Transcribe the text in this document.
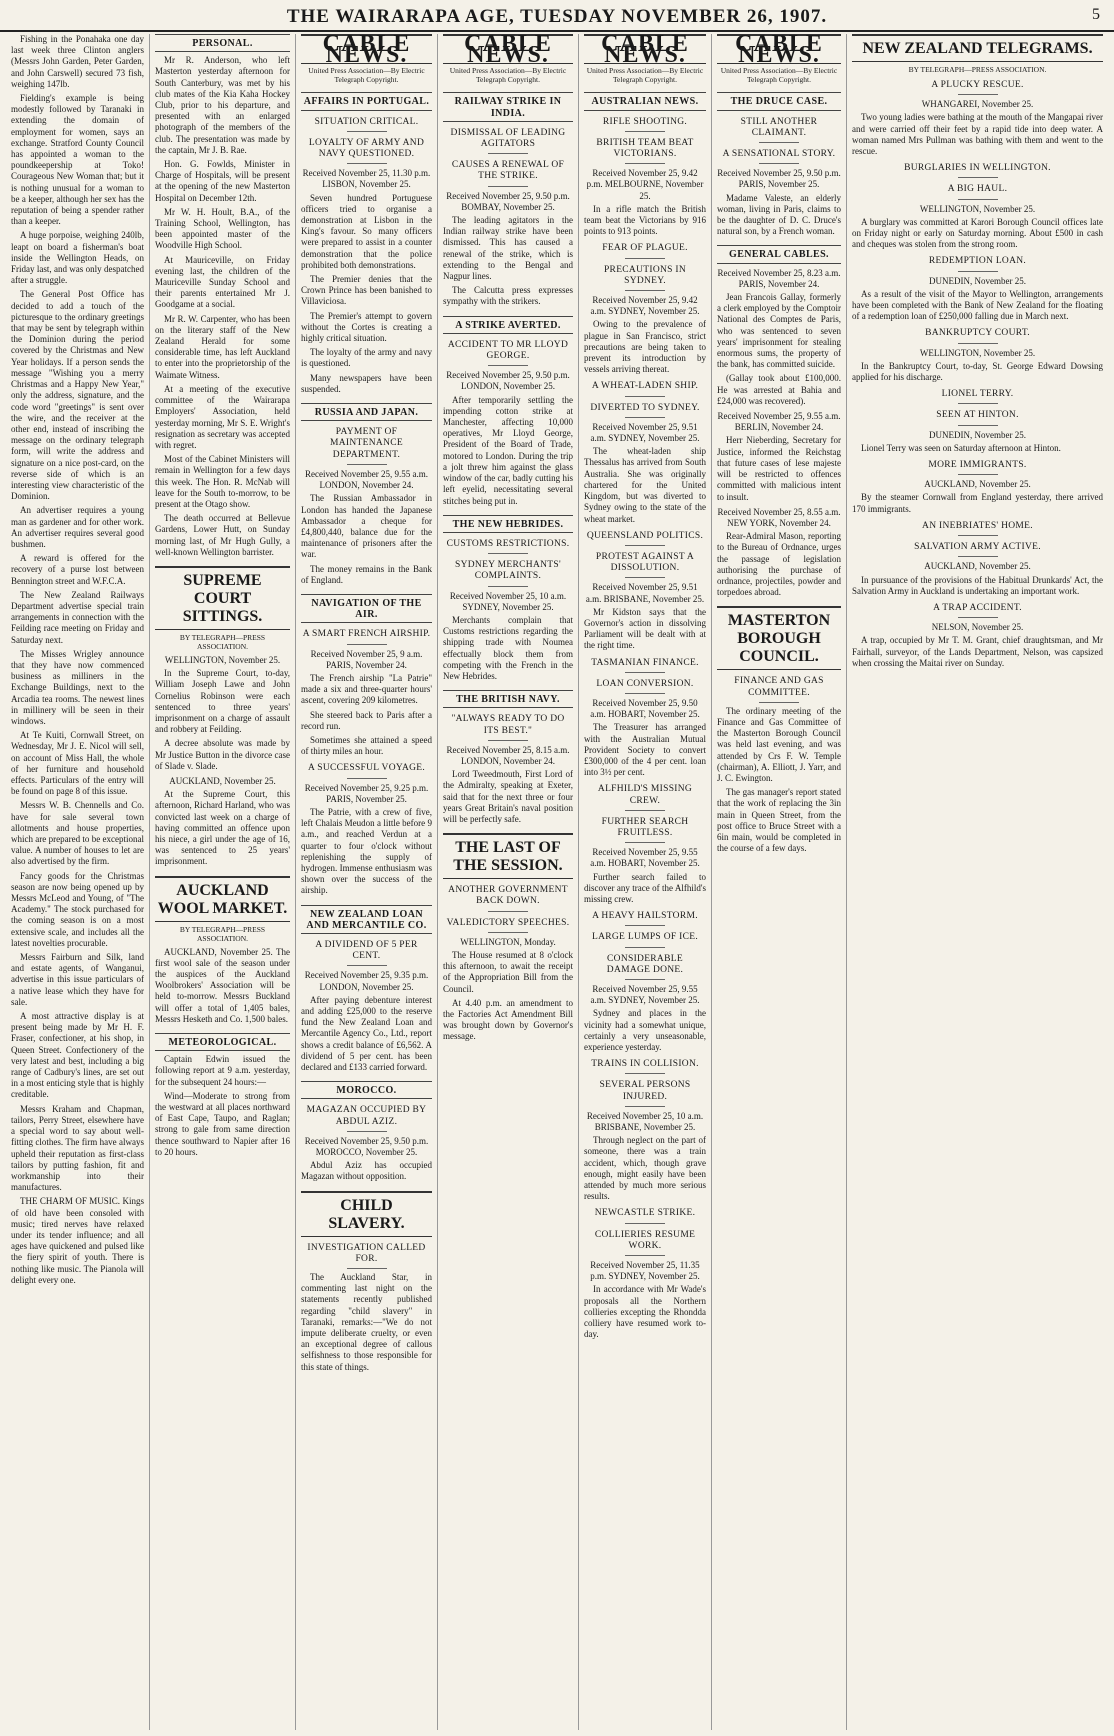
THE WAIRARAPA AGE, TUESDAY NOVEMBER 26, 1907.	5

Fishing in the Ponahaka one day last week three Clinton anglers (Messrs John Garden, Peter Garden, and John Carswell) secured 73 fish, weighing 147lb.

Fielding's example is being modestly followed by Taranaki in extending the domain of employment for women, says an exchange. Stratford County Council has appointed a woman to the poundkeepership at Toko! Courageous New Woman that; but it is nothing unusual for a woman to be a keeper, although her sex has the reputation of being a spender rather than a keeper.

A huge porpoise, weighing 240lb, leapt on board a fisherman's boat inside the Wellington Heads, on Friday last, and was only despatched after a struggle.

The General Post Office has decided to add a touch of the picturesque to the ordinary greetings that may be sent by telegraph within the Dominion during the period covered by the Christmas and New Year holidays. If a person sends the message "Wishing you a merry Christmas and a Happy New Year," only the address, signature, and the code word "greetings" is sent over the wire, and the receiver at the other end, instead of inscribing the message on the ordinary telegraph form, will write the address and signature on a nice post-card, on the reverse side of which is an interesting view characteristic of the Dominion.

An advertiser requires a young man as gardener and for other work. An advertiser requires several good bushmen.

A reward is offered for the recovery of a purse lost between Bennington street and W.F.C.A.

The New Zealand Railways Department advertise special train arrangements in connection with the Feilding race meeting on Friday and Saturday next.

The Misses Wrigley announce that they have now commenced business as milliners in the Exchange Buildings, next to the Arcadia tea rooms. The newest lines in millinery will be seen in their windows.

At Te Kuiti, Cornwall Street, on Wednesday, Mr J. E. Nicol will sell, on account of Miss Hall, the whole of her furniture and household effects. Particulars of the entry will be found on page 8 of this issue.

Messrs W. B. Chennells and Co. have for sale several town allotments and house properties, which are prepared to be exceptional value. A number of houses to let are also advertised by the firm.

Fancy goods for the Christmas season are now being opened up by Messrs McLeod and Young, of "The Academy." The stock purchased for the coming season is on a most extensive scale, and includes all the latest novelties procurable.

Messrs Fairburn and Silk, land and estate agents, of Wanganui, advertise in this issue particulars of a native lease which they have for sale.

A most attractive display is at present being made by Mr H. F. Fraser, confectioner, at his shop, in Queen Street. Confectionery of the very latest and best, including a big range of Cadbury's lines, are set out in a most enticing style that is highly creditable.

Messrs Kraham and Chapman, tailors, Perry Street, elsewhere have a special word to say about well-fitting clothes. The firm have always upheld their reputation as first-class tailors by putting fashion, fit and workmanship into their manufactures.

THE CHARM OF MUSIC. Kings of old have been consoled with music; tired nerves have relaxed under its tender influence; and all ages have quickened and pulsed like the fiery spirit of youth. There is nothing like music. The Pianola will delight every one.

PERSONAL.

Mr R. Anderson, who left Masterton yesterday afternoon for South Canterbury, was met by his club mates of the Kia Kaha Hockey Club, prior to his departure, and presented with an enlarged photograph of the members of the club. The presentation was made by the captain, Mr J. B. Rae.

Hon. G. Fowlds, Minister in Charge of Hospitals, will be present at the opening of the new Masterton Hospital on December 12th.

Mr W. H. Hoult, B.A., of the Training School, Wellington, has been appointed master of the Woodville High School.

At Mauriceville, on Friday evening last, the children of the Mauriceville Sunday School and their parents entertained Mr J. Goodgame at a social.

Mr R. W. Carpenter, who has been on the literary staff of the New Zealand Herald for some considerable time, has left Auckland to enter into the proprietorship of the Waimate Witness.

At a meeting of the executive committee of the Wairarapa Employers' Association, held yesterday morning, Mr S. E. Wright's resignation as secretary was accepted with regret.

Most of the Cabinet Ministers will remain in Wellington for a few days this week. The Hon. R. McNab will leave for the South to-morrow, to be present at the Otago show.

The death occurred at Bellevue Gardens, Lower Hutt, on Sunday morning last, of Mr Hugh Gully, a well-known Wellington barrister.

SUPREME COURT SITTINGS.
BY TELEGRAPH—PRESS ASSOCIATION.
WELLINGTON, November 25.

In the Supreme Court, to-day, William Joseph Lawe and John Cornelius Robinson were each sentenced to three years' imprisonment on a charge of assault and robbery at Feilding.

A decree absolute was made by Mr Justice Button in the divorce case of Slade v. Slade.

AUCKLAND, November 25.

At the Supreme Court, this afternoon, Richard Harland, who was convicted last week on a charge of having committed an offence upon his niece, a girl under the age of 16, was sentenced to 25 years' imprisonment.

AUCKLAND WOOL MARKET.
BY TELEGRAPH—PRESS ASSOCIATION.

AUCKLAND, November 25. The first wool sale of the season under the auspices of the Auckland Woolbrokers' Association will be held to-morrow. Messrs Buckland will offer a total of 1,405 bales, Messrs Hesketh and Co. 1,500 bales.

METEOROLOGICAL.

Captain Edwin issued the following report at 9 a.m. yesterday, for the subsequent 24 hours:—

Wind—Moderate to strong from the westward at all places northward of East Cape, Taupo, and Raglan; strong to gale from same direction thence southward to Napier after 16 to 20 hours.

CABLE NEWS.
United Press Association—By Electric Telegraph Copyright.
AFFAIRS IN PORTUGAL.
SITUATION CRITICAL.
LOYALTY OF ARMY AND NAVY QUESTIONED.
Received November 25, 11.30 p.m. LISBON, November 25.

Seven hundred Portuguese officers tried to organise a demonstration at Lisbon in the King's favour. So many officers were prepared to assist in a counter demonstration that the police prohibited both demonstrations.

The Premier denies that the Crown Prince has been banished to Villaviciosa.

The Premier's attempt to govern without the Cortes is creating a highly critical situation.

The loyalty of the army and navy is questioned.

Many newspapers have been suspended.

RUSSIA AND JAPAN.
PAYMENT OF MAINTENANCE DEPARTMENT.
Received November 25, 9.55 a.m. LONDON, November 24.

The Russian Ambassador in London has handed the Japanese Ambassador a cheque for £4,800,440, balance due for the maintenance of prisoners after the war.

The money remains in the Bank of England.

NAVIGATION OF THE AIR.
A SMART FRENCH AIRSHIP.
Received November 25, 9 a.m. PARIS, November 24.

The French airship "La Patrie" made a six and three-quarter hours' ascent, covering 209 kilometres.

She steered back to Paris after a record run.

Sometimes she attained a speed of thirty miles an hour.

A SUCCESSFUL VOYAGE.
Received November 25, 9.25 p.m. PARIS, November 25.

The Patrie, with a crew of five, left Chalais Meudon a little before 9 a.m., and reached Verdun at a quarter to four o'clock without replenishing the supply of hydrogen. Immense enthusiasm was shown over the success of the airship.

NEW ZEALAND LOAN AND MERCANTILE CO.
A DIVIDEND OF 5 PER CENT.
Received November 25, 9.35 p.m. LONDON, November 25.

After paying debenture interest and adding £25,000 to the reserve fund the New Zealand Loan and Mercantile Agency Co., Ltd., report shows a credit balance of £6,562. A dividend of 5 per cent. has been declared and £133 carried forward.

MOROCCO.
MAGAZAN OCCUPIED BY ABDUL AZIZ.
Received November 25, 9.50 p.m. MOROCCO, November 25.

Abdul Aziz has occupied Magazan without opposition.

CHILD SLAVERY.
INVESTIGATION CALLED FOR.

The Auckland Star, in commenting last night on the statements recently published regarding "child slavery" in Taranaki, remarks:—"We do not impute deliberate cruelty, or even an exceptional degree of callous selfishness to those responsible for this state of things.

CABLE NEWS.
United Press Association—By Electric Telegraph Copyright.
RAILWAY STRIKE IN INDIA.
DISMISSAL OF LEADING AGITATORS
CAUSES A RENEWAL OF THE STRIKE.
Received November 25, 9.50 p.m. BOMBAY, November 25.

The leading agitators in the Indian railway strike have been dismissed. This has caused a renewal of the strike, which is extending to the Bengal and Nagpur lines.

The Calcutta press expresses sympathy with the strikers.

A STRIKE AVERTED.
ACCIDENT TO MR LLOYD GEORGE.
Received November 25, 9.50 p.m. LONDON, November 25.

After temporarily settling the impending cotton strike at Manchester, affecting 10,000 operatives, Mr Lloyd George, President of the Board of Trade, motored to London. During the trip a jolt threw him against the glass window of the car, badly cutting his left eyelid, necessitating several stitches being put in.

THE NEW HEBRIDES.
CUSTOMS RESTRICTIONS.
SYDNEY MERCHANTS' COMPLAINTS.
Received November 25, 10 a.m. SYDNEY, November 25.

Merchants complain that Customs restrictions regarding the shipping trade with Noumea effectually block them from competing with the French in the New Hebrides.

THE BRITISH NAVY.
"ALWAYS READY TO DO ITS BEST."
Received November 25, 8.15 a.m. LONDON, November 24.

Lord Tweedmouth, First Lord of the Admiralty, speaking at Exeter, said that for the next three or four years Great Britain's naval position will be perfectly safe.

THE LAST OF THE SESSION.
ANOTHER GOVERNMENT BACK DOWN.
VALEDICTORY SPEECHES.
WELLINGTON, Monday.

The House resumed at 8 o'clock this afternoon, to await the receipt of the Appropriation Bill from the Council.

At 4.40 p.m. an amendment to the Factories Act Amendment Bill was brought down by Governor's message.

CABLE NEWS.
United Press Association—By Electric Telegraph Copyright.
AUSTRALIAN NEWS.
RIFLE SHOOTING.
BRITISH TEAM BEAT VICTORIANS.
Received November 25, 9.42 p.m. MELBOURNE, November 25.

In a rifle match the British team beat the Victorians by 916 points to 913 points.

FEAR OF PLAGUE.
PRECAUTIONS IN SYDNEY.
Received November 25, 9.42 a.m. SYDNEY, November 25.

Owing to the prevalence of plague in San Francisco, strict precautions are being taken to prevent its introduction by vessels arriving thereat.

A WHEAT-LADEN SHIP.
DIVERTED TO SYDNEY.
Received November 25, 9.51 a.m. SYDNEY, November 25.

The wheat-laden ship Thessalus has arrived from South Australia. She was originally chartered for the United Kingdom, but was diverted to Sydney owing to the state of the wheat market.

QUEENSLAND POLITICS.
PROTEST AGAINST A DISSOLUTION.
Received November 25, 9.51 a.m. BRISBANE, November 25.

Mr Kidston says that the Governor's action in dissolving Parliament will be dealt with at the right time.

TASMANIAN FINANCE.
LOAN CONVERSION.
Received November 25, 9.50 a.m. HOBART, November 25.

The Treasurer has arranged with the Australian Mutual Provident Society to convert £300,000 of the 4 per cent. loan into 3½ per cent.

ALFHILD'S MISSING CREW.
FURTHER SEARCH FRUITLESS.
Received November 25, 9.55 a.m. HOBART, November 25.

Further search failed to discover any trace of the Alfhild's missing crew.

A HEAVY HAILSTORM.
LARGE LUMPS OF ICE.
CONSIDERABLE DAMAGE DONE.
Received November 25, 9.55 a.m. SYDNEY, November 25.

Sydney and places in the vicinity had a somewhat unique, certainly a very unseasonable, experience yesterday.

TRAINS IN COLLISION.
SEVERAL PERSONS INJURED.
Received November 25, 10 a.m. BRISBANE, November 25.

Through neglect on the part of someone, there was a train accident, which, though grave enough, might easily have been attended by much more serious results.

NEWCASTLE STRIKE.
COLLIERIES RESUME WORK.
Received November 25, 11.35 p.m. SYDNEY, November 25.

In accordance with Mr Wade's proposals all the Northern collieries excepting the Rhondda colliery have resumed work to-day.

CABLE NEWS.
United Press Association—By Electric Telegraph Copyright.
THE DRUCE CASE.
STILL ANOTHER CLAIMANT.
A SENSATIONAL STORY.
Received November 25, 9.50 p.m. PARIS, November 25.

Madame Valeste, an elderly woman, living in Paris, claims to be the daughter of D. C. Druce's natural son, by a French woman.

GENERAL CABLES.
Received November 25, 8.23 a.m. PARIS, November 24.

Jean Francois Gallay, formerly a clerk employed by the Comptoir National des Comptes de Paris, who was sentenced to seven years' imprisonment for stealing enormous sums, the property of the bank, has committed suicide.

(Gallay took about £100,000. He was arrested at Bahia and £24,000 was recovered).

Received November 25, 9.55 a.m. BERLIN, November 24.

Herr Nieberding, Secretary for Justice, informed the Reichstag that future cases of lese majeste will be restricted to offences committed with malicious intent to insult.

Received November 25, 8.55 a.m. NEW YORK, November 24.

Rear-Admiral Mason, reporting to the Bureau of Ordnance, urges the passage of legislation authorising the purchase of ordnance, projectiles, powder and torpedoes abroad.

MASTERTON BOROUGH COUNCIL.
FINANCE AND GAS COMMITTEE.

The ordinary meeting of the Finance and Gas Committee of the Masterton Borough Council was held last evening, and was attended by Crs F. W. Temple (chairman), A. Elliott, J. Yarr, and J. C. Ewington.

The gas manager's report stated that the work of replacing the 3in main in Queen Street, from the post office to Bruce Street with a 6in main, would be completed in the course of a few days.

NEW ZEALAND TELEGRAMS.
BY TELEGRAPH—PRESS ASSOCIATION.
A PLUCKY RESCUE.
WHANGAREI, November 25.

Two young ladies were bathing at the mouth of the Mangapai river and were carried off their feet by a rapid tide into deep water. A woman named Mrs Pullman was bathing with them and went to the rescue.

BURGLARIES IN WELLINGTON.
A BIG HAUL.
WELLINGTON, November 25.

A burglary was committed at Karori Borough Council offices late on Friday night or early on Saturday morning. About £500 in cash and cheques was stolen from the strong room.

REDEMPTION LOAN.
DUNEDIN, November 25.

As a result of the visit of the Mayor to Wellington, arrangements have been completed with the Bank of New Zealand for the floating of a redemption loan of £250,000 falling due in March next.

BANKRUPTCY COURT.
WELLINGTON, November 25.

In the Bankruptcy Court, to-day, St. George Edward Dowsing applied for his discharge.

LIONEL TERRY.
SEEN AT HINTON.
DUNEDIN, November 25.

Lionel Terry was seen on Saturday afternoon at Hinton.

MORE IMMIGRANTS.
AUCKLAND, November 25.

By the steamer Cornwall from England yesterday, there arrived 170 immigrants.

AN INEBRIATES' HOME.
SALVATION ARMY ACTIVE.
AUCKLAND, November 25.

In pursuance of the provisions of the Habitual Drunkards' Act, the Salvation Army in Auckland is undertaking an important work.

A TRAP ACCIDENT.
NELSON, November 25.

A trap, occupied by Mr T. M. Grant, chief draughtsman, and Mr Fairhall, surveyor, of the Lands Department, Nelson, was capsized when crossing the Maitai river on Sunday.
